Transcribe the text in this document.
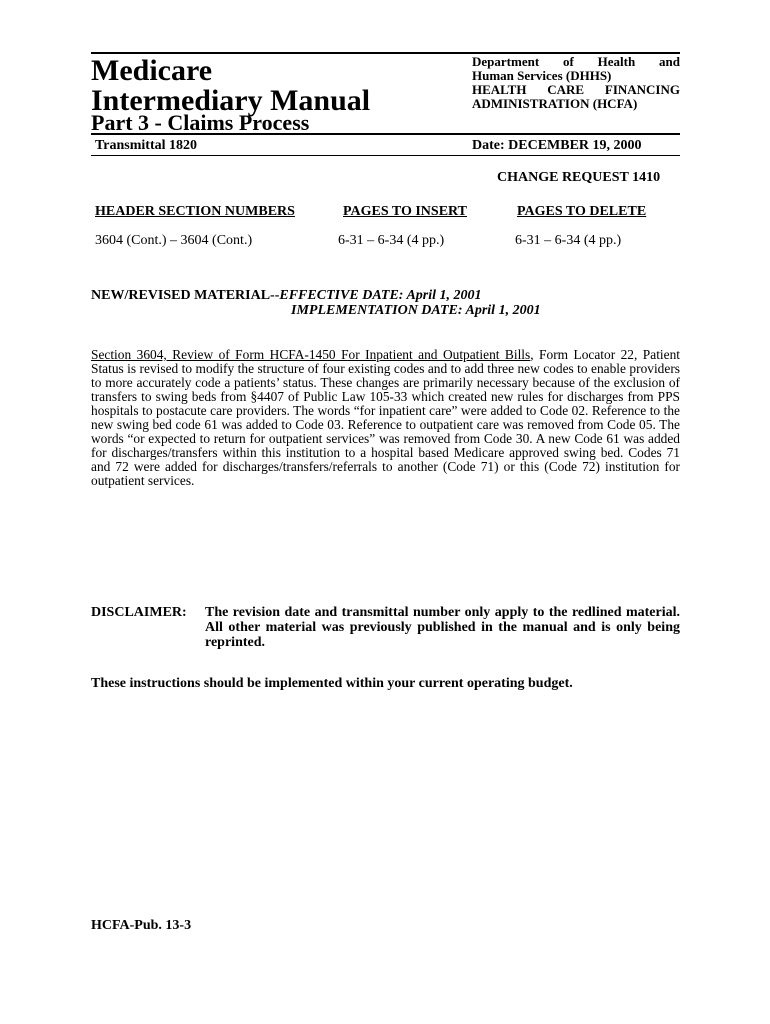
Medicare
Intermediary Manual
Part 3 - Claims Process
Department of Health and
Human Services (DHHS)
HEALTH CARE FINANCING
ADMINISTRATION (HCFA)
Transmittal 1820	Date: DECEMBER 19, 2000
CHANGE REQUEST 1410
HEADER SECTION NUMBERS	PAGES TO INSERT	PAGES TO DELETE
3604 (Cont.) – 3604 (Cont.)	6-31 – 6-34 (4 pp.)	6-31 – 6-34 (4 pp.)
NEW/REVISED MATERIAL--EFFECTIVE DATE: April 1, 2001
IMPLEMENTATION DATE: April 1, 2001
Section 3604, Review of Form HCFA-1450 For Inpatient and Outpatient Bills, Form Locator 22, Patient Status is revised to modify the structure of four existing codes and to add three new codes to enable providers to more accurately code a patients’ status. These changes are primarily necessary because of the exclusion of transfers to swing beds from §4407 of Public Law 105-33 which created new rules for discharges from PPS hospitals to postacute care providers. The words “for inpatient care” were added to Code 02. Reference to the new swing bed code 61 was added to Code 03. Reference to outpatient care was removed from Code 05. The words “or expected to return for outpatient services” was removed from Code 30. A new Code 61 was added for discharges/transfers within this institution to a hospital based Medicare approved swing bed. Codes 71 and 72 were added for discharges/transfers/referrals to another (Code 71) or this (Code 72) institution for outpatient services.
DISCLAIMER: The revision date and transmittal number only apply to the redlined material. All other material was previously published in the manual and is only being reprinted.
These instructions should be implemented within your current operating budget.
HCFA-Pub. 13-3
